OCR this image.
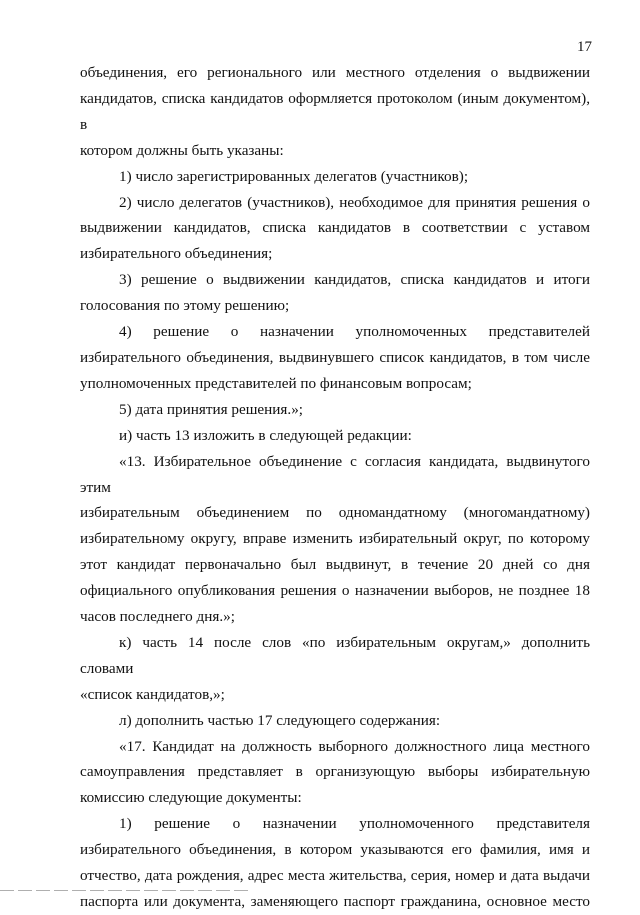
17

объединения, его регионального или местного отделения о выдвижении
кандидатов, списка кандидатов оформляется протоколом (иным документом), в
котором должны быть указаны:

1) число зарегистрированных делегатов (участников);

2) число делегатов (участников), необходимое для принятия решения о
выдвижении кандидатов, списка кандидатов в соответствии с уставом
избирательного объединения;

3) решение о выдвижении кандидатов, списка кандидатов и итоги
голосования по этому решению;

4) решение о назначении уполномоченных представителей
избирательного объединения, выдвинувшего список кандидатов, в том числе
уполномоченных представителей по финансовым вопросам;

5) дата принятия решения.»;

и) часть 13 изложить в следующей редакции:

«13. Избирательное объединение с согласия кандидата, выдвинутого этим
избирательным объединением по одномандатному (многомандатному)
избирательному округу, вправе изменить избирательный округ, по которому
этот кандидат первоначально был выдвинут, в течение 20 дней со дня
официального опубликования решения о назначении выборов, не позднее 18
часов последнего дня.»;

к) часть 14 после слов «по избирательным округам,» дополнить словами
«список кандидатов,»;

л) дополнить частью 17 следующего содержания:

«17. Кандидат на должность выборного должностного лица местного
самоуправления представляет в организующую выборы избирательную
комиссию следующие документы:

1) решение о назначении уполномоченного представителя
избирательного объединения, в котором указываются его фамилия, имя и
отчество, дата рождения, адрес места жительства, серия, номер и дата выдачи
паспорта или документа, заменяющего паспорт гражданина, основное место
